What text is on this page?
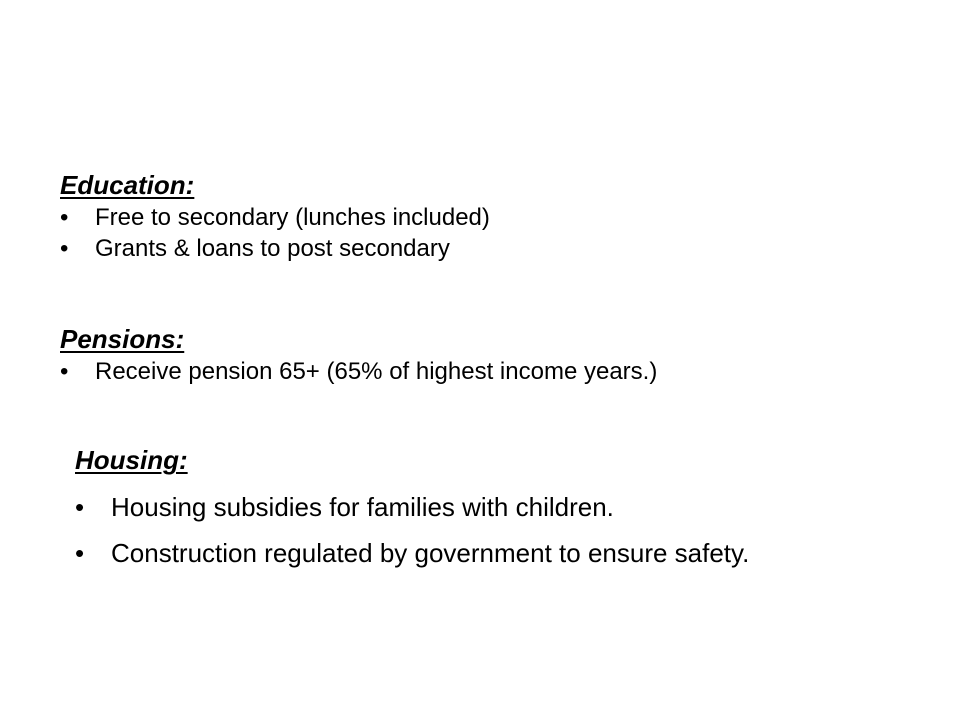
Education:

•	Free to secondary (lunches included)
•	Grants & loans to post secondary

Pensions:

•	Receive pension 65+ (65% of highest income years.)

Housing:

•	Housing subsidies for families with children.
•	Construction regulated by government to ensure safety.
